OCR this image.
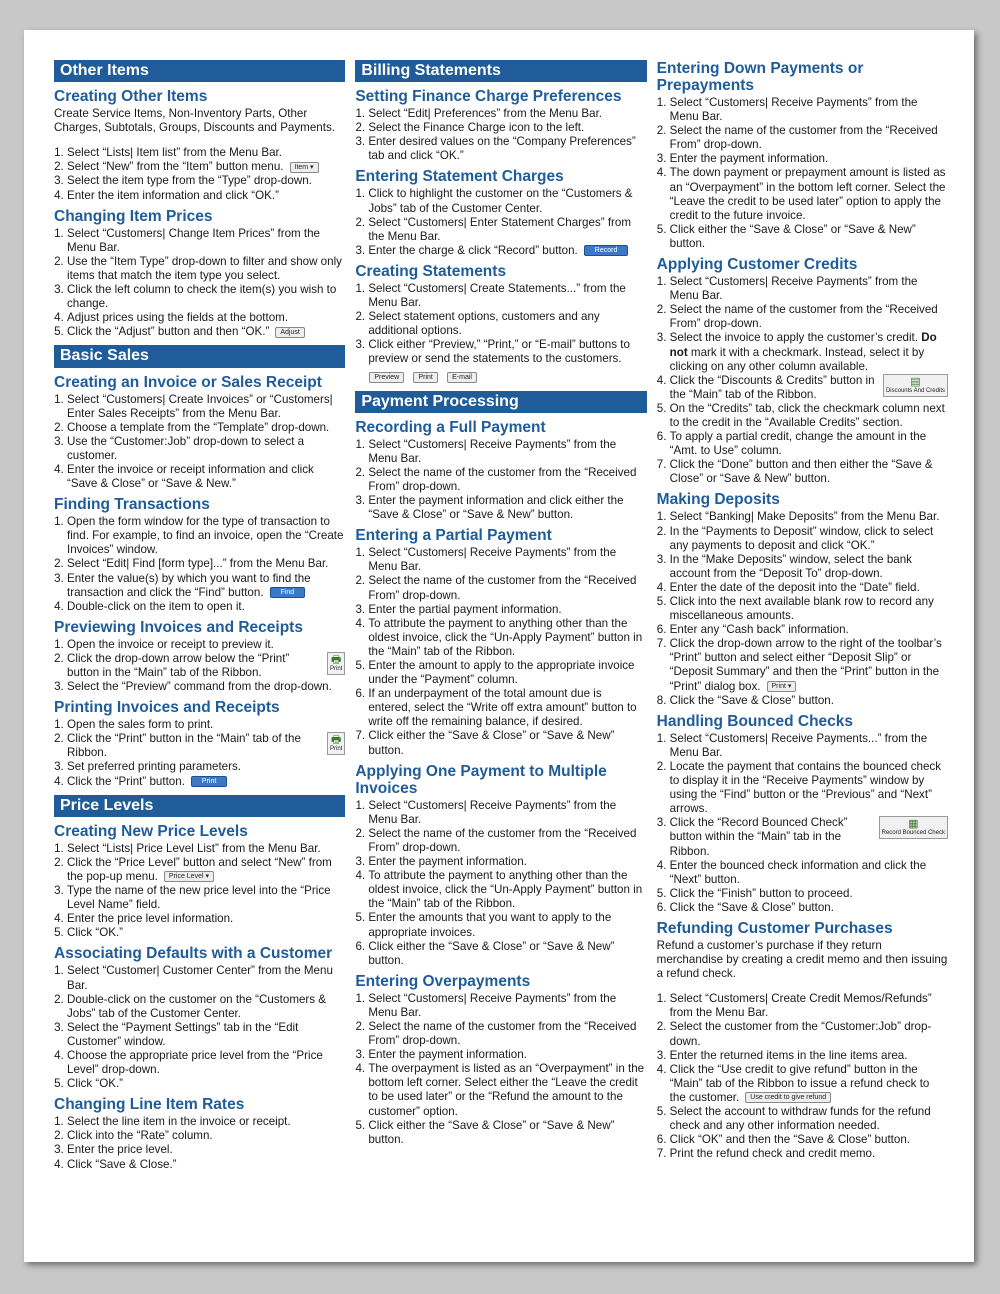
Other Items
Creating Other Items
Create Service Items, Non-Inventory Parts, Other Charges, Subtotals, Groups, Discounts and Payments.
1. Select “Lists| Item list” from the Menu Bar.
2. Select “New” from the “Item” button menu. Item ▾
3. Select the item type from the “Type” drop-down.
4. Enter the item information and click “OK.”
Changing Item Prices
1. Select “Customers| Change Item Prices” from the Menu Bar.
2. Use the “Item Type” drop-down to filter and show only items that match the item type you select.
3. Click the left column to check the item(s) you wish to change.
4. Adjust prices using the fields at the bottom.
5. Click the “Adjust” button and then “OK.” Adjust
Basic Sales
Creating an Invoice or Sales Receipt
1. Select “Customers| Create Invoices” or “Customers| Enter Sales Receipts” from the Menu Bar.
2. Choose a template from the “Template” drop-down.
3. Use the “Customer:Job” drop-down to select a customer.
4. Enter the invoice or receipt information and click “Save & Close” or “Save & New.”
Finding Transactions
1. Open the form window for the type of transaction to find. For example, to find an invoice, open the “Create Invoices” window.
2. Select “Edit| Find [form type]...” from the Menu Bar.
3. Enter the value(s) by which you want to find the transaction and click the “Find” button. Find
4. Double-click on the item to open it.
Previewing Invoices and Receipts
1. Open the invoice or receipt to preview it.
2. 🖶
Print
Click the drop-down arrow below the “Print” button in the “Main” tab of the Ribbon.
3. Select the “Preview” command from the drop-down.
Printing Invoices and Receipts
1. Open the sales form to print.
2. 🖶
Print
Click the “Print” button in the “Main” tab of the Ribbon.
3. Set preferred printing parameters.
4. Click the “Print” button. Print
Price Levels
Creating New Price Levels
1. Select “Lists| Price Level List” from the Menu Bar.
2. Click the “Price Level” button and select “New” from the pop-up menu. Price Level ▾
3. Type the name of the new price level into the “Price Level Name” field.
4. Enter the price level information.
5. Click “OK.”
Associating Defaults with a Customer
1. Select “Customer| Customer Center” from the Menu Bar.
2. Double-click on the customer on the “Customers & Jobs” tab of the Customer Center.
3. Select the “Payment Settings” tab in the “Edit Customer” window.
4. Choose the appropriate price level from the “Price Level” drop-down.
5. Click “OK.”
Changing Line Item Rates
1. Select the line item in the invoice or receipt.
2. Click into the “Rate” column.
3. Enter the price level.
4. Click “Save & Close.”
Billing Statements
Setting Finance Charge Preferences
1. Select “Edit| Preferences” from the Menu Bar.
2. Select the Finance Charge icon to the left.
3. Enter desired values on the “Company Preferences” tab and click “OK.”
Entering Statement Charges
1. Click to highlight the customer on the “Customers & Jobs” tab of the Customer Center.
2. Select “Customers| Enter Statement Charges” from the Menu Bar.
3. Enter the charge & click “Record” button. Record
Creating Statements
1. Select “Customers| Create Statements...” from the Menu Bar.
2. Select statement options, customers and any additional options.
3. Click either “Preview,” “Print,” or “E-mail” buttons to preview or send the statements to the customers.
Preview	Print	E-mail
Payment Processing
Recording a Full Payment
1. Select “Customers| Receive Payments” from the Menu Bar.
2. Select the name of the customer from the “Received From” drop-down.
3. Enter the payment information and click either the “Save & Close” or “Save & New” button.
Entering a Partial Payment
1. Select “Customers| Receive Payments” from the Menu Bar.
2. Select the name of the customer from the “Received From” drop-down.
3. Enter the partial payment information.
4. To attribute the payment to anything other than the oldest invoice, click the “Un-Apply Payment” button in the “Main” tab of the Ribbon.
5. Enter the amount to apply to the appropriate invoice under the “Payment” column.
6. If an underpayment of the total amount due is entered, select the “Write off extra amount” button to write off the remaining balance, if desired.
7. Click either the “Save & Close” or “Save & New” button.
Applying One Payment to Multiple Invoices
1. Select “Customers| Receive Payments” from the Menu Bar.
2. Select the name of the customer from the “Received From” drop-down.
3. Enter the payment information.
4. To attribute the payment to anything other than the oldest invoice, click the “Un-Apply Payment” button in the “Main” tab of the Ribbon.
5. Enter the amounts that you want to apply to the appropriate invoices.
6. Click either the “Save & Close” or “Save & New” button.
Entering Overpayments
1. Select “Customers| Receive Payments” from the Menu Bar.
2. Select the name of the customer from the “Received From” drop-down.
3. Enter the payment information.
4. The overpayment is listed as an “Overpayment” in the bottom left corner. Select either the “Leave the credit to be used later” or the “Refund the amount to the customer” option.
5. Click either the “Save & Close” or “Save & New” button.
Entering Down Payments or Prepayments
1. Select “Customers| Receive Payments” from the Menu Bar.
2. Select the name of the customer from the “Received From” drop-down.
3. Enter the payment information.
4. The down payment or prepayment amount is listed as an “Overpayment” in the bottom left corner. Select the “Leave the credit to be used later” option to apply the credit to the future invoice.
5. Click either the “Save & Close” or “Save & New” button.
Applying Customer Credits
1. Select “Customers| Receive Payments” from the Menu Bar.
2. Select the name of the customer from the “Received From” drop-down.
3. Select the invoice to apply the customer’s credit. Do not mark it with a checkmark. Instead, select it by clicking on any other column available.
4. ▤
Discounts And Credits
Click the “Discounts & Credits” button in the “Main” tab of the Ribbon.
5. On the “Credits” tab, click the checkmark column next to the credit in the “Available Credits” section.
6. To apply a partial credit, change the amount in the “Amt. to Use” column.
7. Click the “Done” button and then either the “Save & Close” or “Save & New” button.
Making Deposits
1. Select “Banking| Make Deposits” from the Menu Bar.
2. In the “Payments to Deposit” window, click to select any payments to deposit and click “OK.”
3. In the “Make Deposits” window, select the bank account from the “Deposit To” drop-down.
4. Enter the date of the deposit into the “Date” field.
5. Click into the next available blank row to record any miscellaneous amounts.
6. Enter any “Cash back” information.
7. Click the drop-down arrow to the right of the toolbar’s “Print” button and select either “Deposit Slip” or “Deposit Summary” and then the “Print” button in the “Print” dialog box. Print ▾
8. Click the “Save & Close” button.
Handling Bounced Checks
1. Select “Customers| Receive Payments...” from the Menu Bar.
2. Locate the payment that contains the bounced check to display it in the “Receive Payments” window by using the “Find” button or the “Previous” and “Next” arrows.
3. ▦
Record Bounced Check
Click the “Record Bounced Check” button within the “Main” tab in the Ribbon.
4. Enter the bounced check information and click the “Next” button.
5. Click the “Finish” button to proceed.
6. Click the “Save & Close” button.
Refunding Customer Purchases
Refund a customer’s purchase if they return merchandise by creating a credit memo and then issuing a refund check.
1. Select “Customers| Create Credit Memos/Refunds” from the Menu Bar.
2. Select the customer from the “Customer:Job” drop-down.
3. Enter the returned items in the line items area.
4. Click the “Use credit to give refund” button in the “Main” tab of the Ribbon to issue a refund check to the customer. Use credit to give refund
5. Select the account to withdraw funds for the refund check and any other information needed.
6. Click “OK” and then the “Save & Close” button.
7. Print the refund check and credit memo.
